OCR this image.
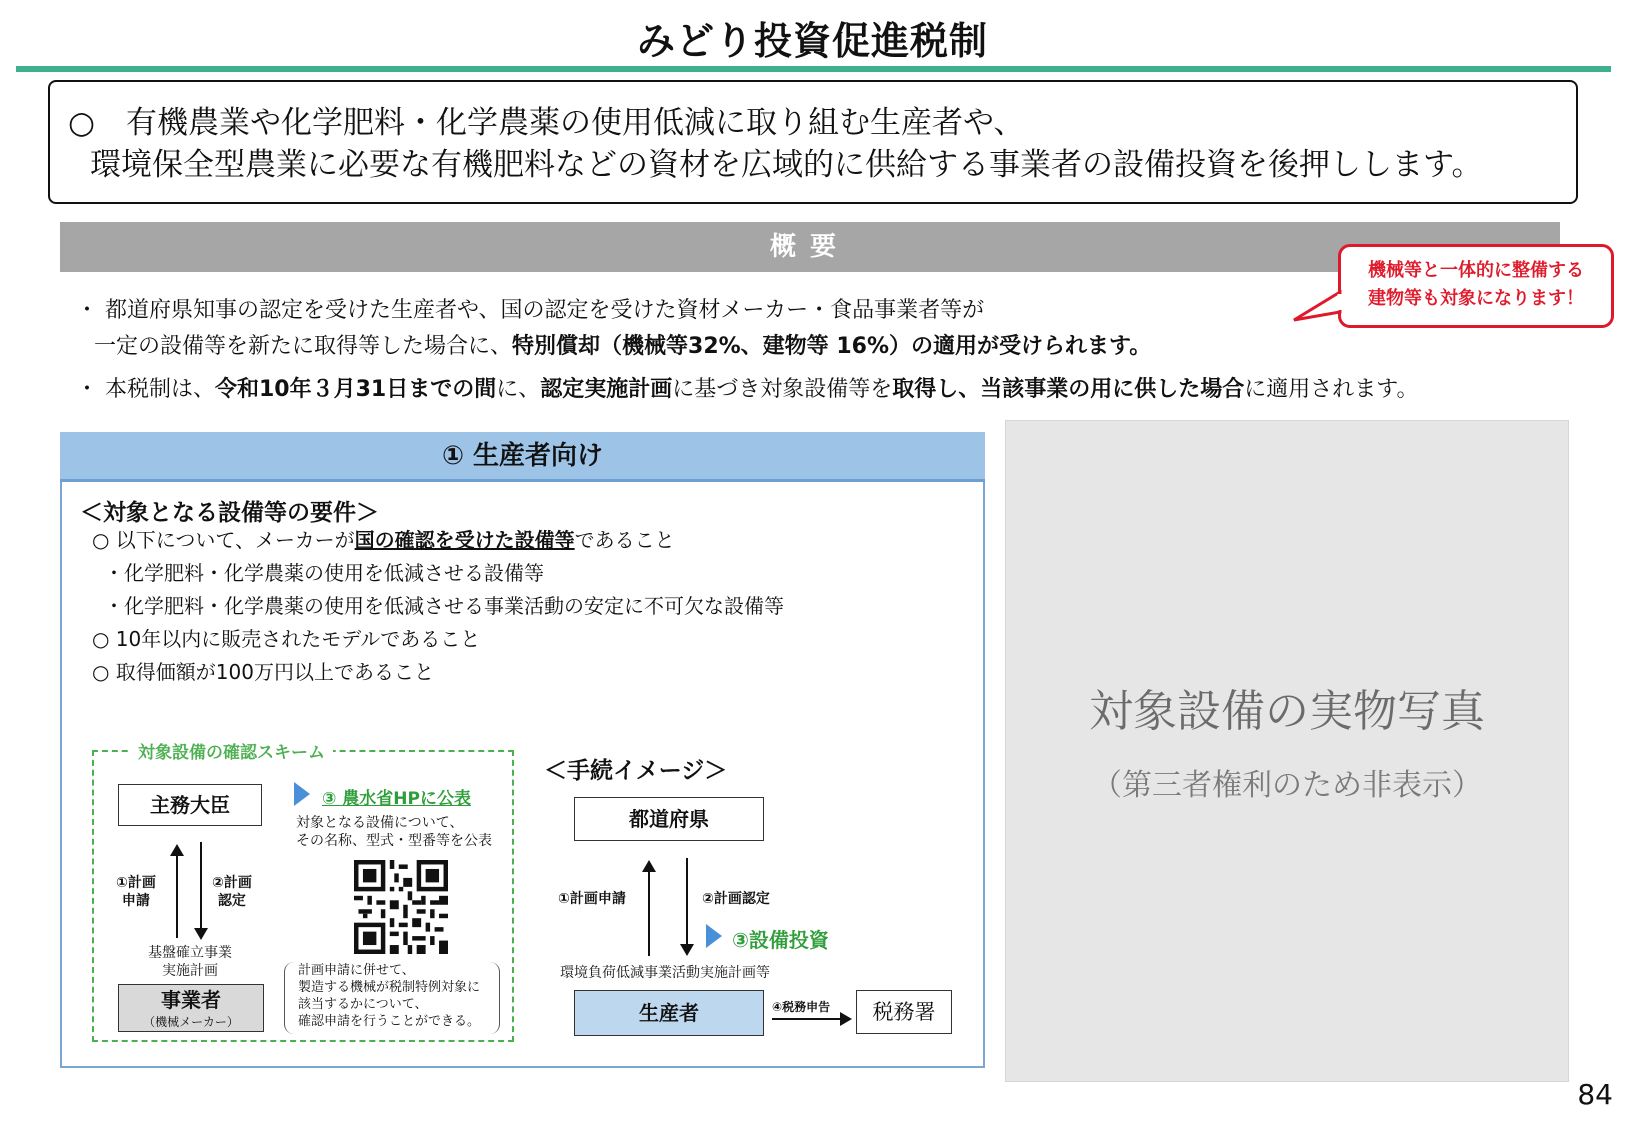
みどり投資促進税制
○　有機農業や化学肥料・化学農薬の使用低減に取り組む生産者や、
環境保全型農業に必要な有機肥料などの資材を広域的に供給する事業者の設備投資を後押しします。
概要
機械等と一体的に整備する
建物等も対象になります！
・ 都道府県知事の認定を受けた生産者や、国の認定を受けた資材メーカー・食品事業者等が
一定の設備等を新たに取得等した場合に、特別償却（機械等32%、建物等 16%）の適用が受けられます。
・ 本税制は、令和10年３月31日までの間に、認定実施計画に基づき対象設備等を取得し、当該事業の用に供した場合に適用されます。
① 生産者向け
＜対象となる設備等の要件＞
○ 以下について、メーカーが国の確認を受けた設備等であること
・化学肥料・化学農薬の使用を低減させる設備等
・化学肥料・化学農薬の使用を低減させる事業活動の安定に不可欠な設備等
○ 10年以内に販売されたモデルであること
○ 取得価額が100万円以上であること
対象設備の確認スキーム
主務大臣
①計画
申請
②計画
認定
基盤確立事業
実施計画
事業者
（機械メーカー）
③ 農水省HPに公表
対象となる設備について、
その名称、型式・型番等を公表
計画申請に併せて、
製造する機械が税制特例対象に
該当するかについて、
確認申請を行うことができる。
＜手続イメージ＞
都道府県
①計画申請	②計画認定
③設備投資
環境負荷低減事業活動実施計画等
生産者	④税務申告	税務署
対象設備の実物写真
（第三者権利のため非表示）
84
